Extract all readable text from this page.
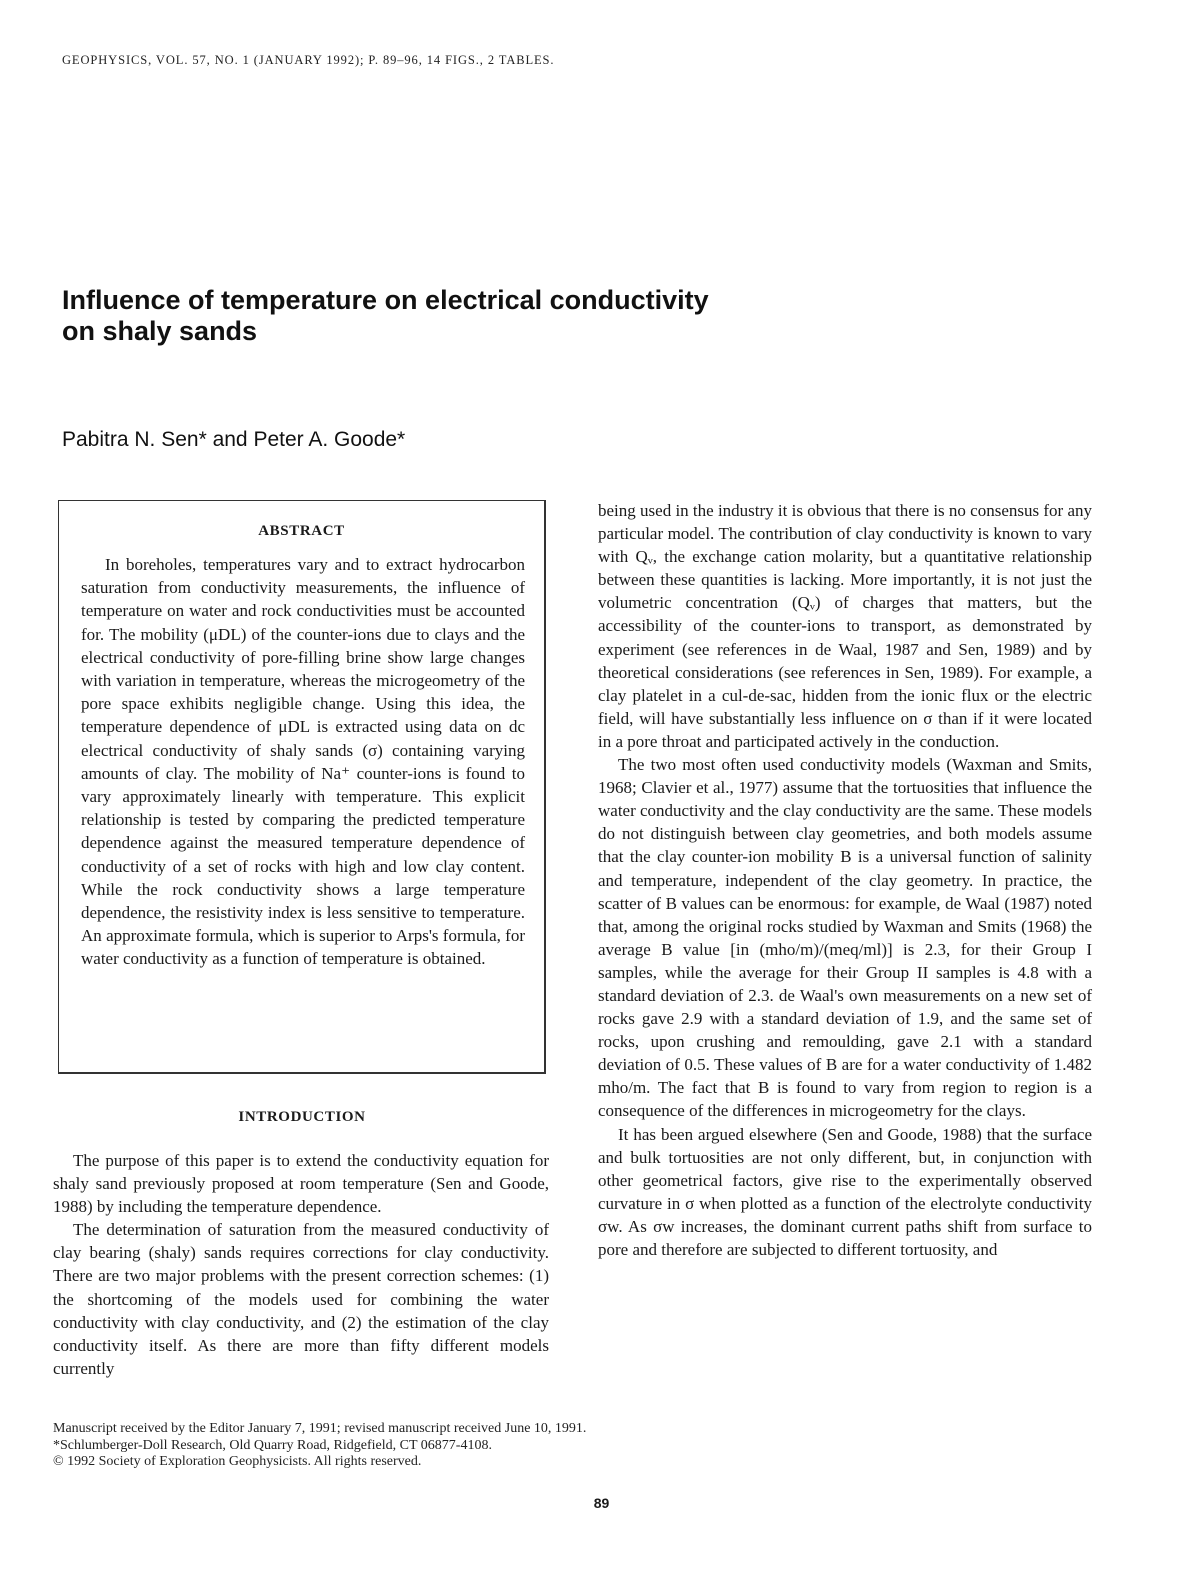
GEOPHYSICS, VOL. 57, NO. 1 (JANUARY 1992); P. 89–96, 14 FIGS., 2 TABLES.
Influence of temperature on electrical conductivity
on shaly sands
Pabitra N. Sen* and Peter A. Goode*
ABSTRACT

In boreholes, temperatures vary and to extract hydrocarbon saturation from conductivity measurements, the influence of temperature on water and rock conductivities must be accounted for. The mobility (μDL) of the counter-ions due to clays and the electrical conductivity of pore-filling brine show large changes with variation in temperature, whereas the microgeometry of the pore space exhibits negligible change. Using this idea, the temperature dependence of μDL is extracted using data on dc electrical conductivity of shaly sands (σ) containing varying amounts of clay. The mobility of Na⁺ counter-ions is found to vary approximately linearly with temperature. This explicit relationship is tested by comparing the predicted temperature dependence against the measured temperature dependence of conductivity of a set of rocks with high and low clay content. While the rock conductivity shows a large temperature dependence, the resistivity index is less sensitive to temperature. An approximate formula, which is superior to Arps's formula, for water conductivity as a function of temperature is obtained.

INTRODUCTION

The purpose of this paper is to extend the conductivity equation for shaly sand previously proposed at room temperature (Sen and Goode, 1988) by including the temperature dependence.

The determination of saturation from the measured conductivity of clay bearing (shaly) sands requires corrections for clay conductivity. There are two major problems with the present correction schemes: (1) the shortcoming of the models used for combining the water conductivity with clay conductivity, and (2) the estimation of the clay conductivity itself. As there are more than fifty different models currently

being used in the industry it is obvious that there is no consensus for any particular model. The contribution of clay conductivity is known to vary with Qᵥ, the exchange cation molarity, but a quantitative relationship between these quantities is lacking. More importantly, it is not just the volumetric concentration (Qᵥ) of charges that matters, but the accessibility of the counter-ions to transport, as demonstrated by experiment (see references in de Waal, 1987 and Sen, 1989) and by theoretical considerations (see references in Sen, 1989). For example, a clay platelet in a cul-de-sac, hidden from the ionic flux or the electric field, will have substantially less influence on σ than if it were located in a pore throat and participated actively in the conduction.

The two most often used conductivity models (Waxman and Smits, 1968; Clavier et al., 1977) assume that the tortuosities that influence the water conductivity and the clay conductivity are the same. These models do not distinguish between clay geometries, and both models assume that the clay counter-ion mobility B is a universal function of salinity and temperature, independent of the clay geometry. In practice, the scatter of B values can be enormous: for example, de Waal (1987) noted that, among the original rocks studied by Waxman and Smits (1968) the average B value [in (mho/m)/(meq/ml)] is 2.3, for their Group I samples, while the average for their Group II samples is 4.8 with a standard deviation of 2.3. de Waal's own measurements on a new set of rocks gave 2.9 with a standard deviation of 1.9, and the same set of rocks, upon crushing and remoulding, gave 2.1 with a standard deviation of 0.5. These values of B are for a water conductivity of 1.482 mho/m. The fact that B is found to vary from region to region is a consequence of the differences in microgeometry for the clays.

It has been argued elsewhere (Sen and Goode, 1988) that the surface and bulk tortuosities are not only different, but, in conjunction with other geometrical factors, give rise to the experimentally observed curvature in σ when plotted as a function of the electrolyte conductivity σw. As σw increases, the dominant current paths shift from surface to pore and therefore are subjected to different tortuosity, and

Manuscript received by the Editor January 7, 1991; revised manuscript received June 10, 1991.
*Schlumberger-Doll Research, Old Quarry Road, Ridgefield, CT 06877-4108.
© 1992 Society of Exploration Geophysicists. All rights reserved.
89
